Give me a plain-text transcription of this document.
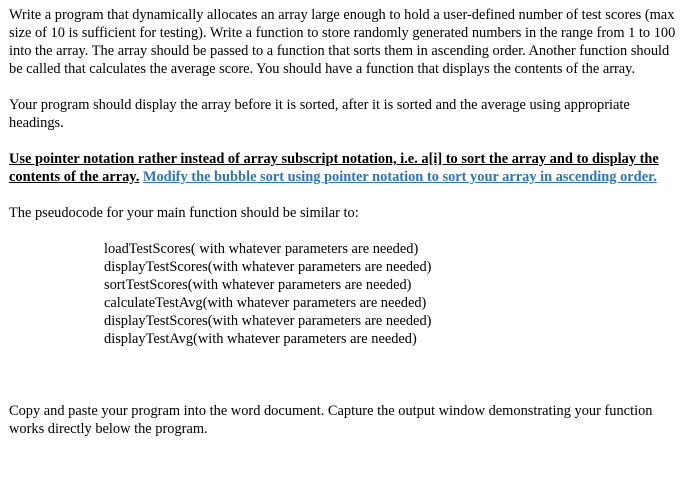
Write a program that dynamically allocates an array large enough to hold a user-defined number of test scores (max size of 10 is sufficient for testing). Write a function to store randomly generated numbers in the range from 1 to 100 into the array. The array should be passed to a function that sorts them in ascending order. Another function should be called that calculates the average score. You should have a function that displays the contents of the array.

Your program should display the array before it is sorted, after it is sorted and the average using appropriate headings.

Use pointer notation rather instead of array subscript notation, i.e. a[i] to sort the array and to display the contents of the array. Modify the bubble sort using pointer notation to sort your array in ascending order.

The pseudocode for your main function should be similar to:

loadTestScores( with whatever parameters are needed)
displayTestScores(with whatever parameters are needed)
sortTestScores(with whatever parameters are needed)
calculateTestAvg(with whatever parameters are needed)
displayTestScores(with whatever parameters are needed)
displayTestAvg(with whatever parameters are needed)

Copy and paste your program into the word document. Capture the output window demonstrating your function works directly below the program.
